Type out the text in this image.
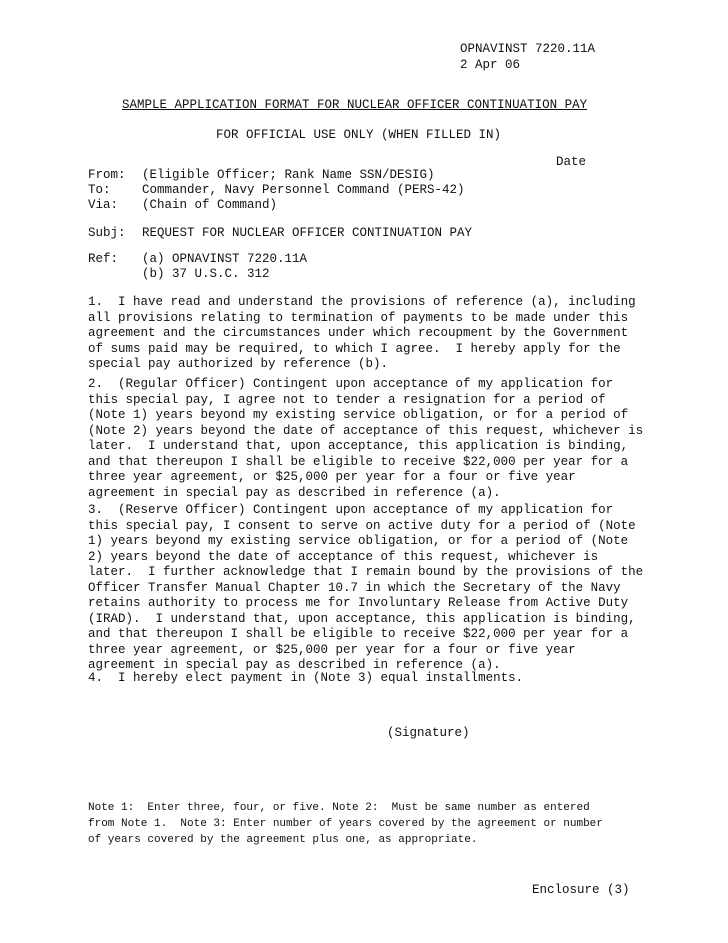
OPNAVINST 7220.11A
2 Apr 06
SAMPLE APPLICATION FORMAT FOR NUCLEAR OFFICER CONTINUATION PAY
FOR OFFICIAL USE ONLY (WHEN FILLED IN)
Date
From: (Eligible Officer; Rank Name SSN/DESIG)
To:	Commander, Navy Personnel Command (PERS-42)
Via: (Chain of Command)
Subj: REQUEST FOR NUCLEAR OFFICER CONTINUATION PAY
Ref: (a) OPNAVINST 7220.11A
(b) 37 U.S.C. 312
1.  I have read and understand the provisions of reference (a), including
all provisions relating to termination of payments to be made under this
agreement and the circumstances under which recoupment by the Government
of sums paid may be required, to which I agree.  I hereby apply for the
special pay authorized by reference (b).
2.  (Regular Officer) Contingent upon acceptance of my application for
this special pay, I agree not to tender a resignation for a period of
(Note 1) years beyond my existing service obligation, or for a period of
(Note 2) years beyond the date of acceptance of this request, whichever is
later.  I understand that, upon acceptance, this application is binding,
and that thereupon I shall be eligible to receive $22,000 per year for a
three year agreement, or $25,000 per year for a four or five year
agreement in special pay as described in reference (a).
3.  (Reserve Officer) Contingent upon acceptance of my application for
this special pay, I consent to serve on active duty for a period of (Note
1) years beyond my existing service obligation, or for a period of (Note
2) years beyond the date of acceptance of this request, whichever is
later.  I further acknowledge that I remain bound by the provisions of the
Officer Transfer Manual Chapter 10.7 in which the Secretary of the Navy
retains authority to process me for Involuntary Release from Active Duty
(IRAD).  I understand that, upon acceptance, this application is binding,
and that thereupon I shall be eligible to receive $22,000 per year for a
three year agreement, or $25,000 per year for a four or five year
agreement in special pay as described in reference (a).
4.  I hereby elect payment in (Note 3) equal installments.
(Signature)
Note 1:  Enter three, four, or five. Note 2:  Must be same number as entered
from Note 1.  Note 3: Enter number of years covered by the agreement or number
of years covered by the agreement plus one, as appropriate.
Enclosure (3)
